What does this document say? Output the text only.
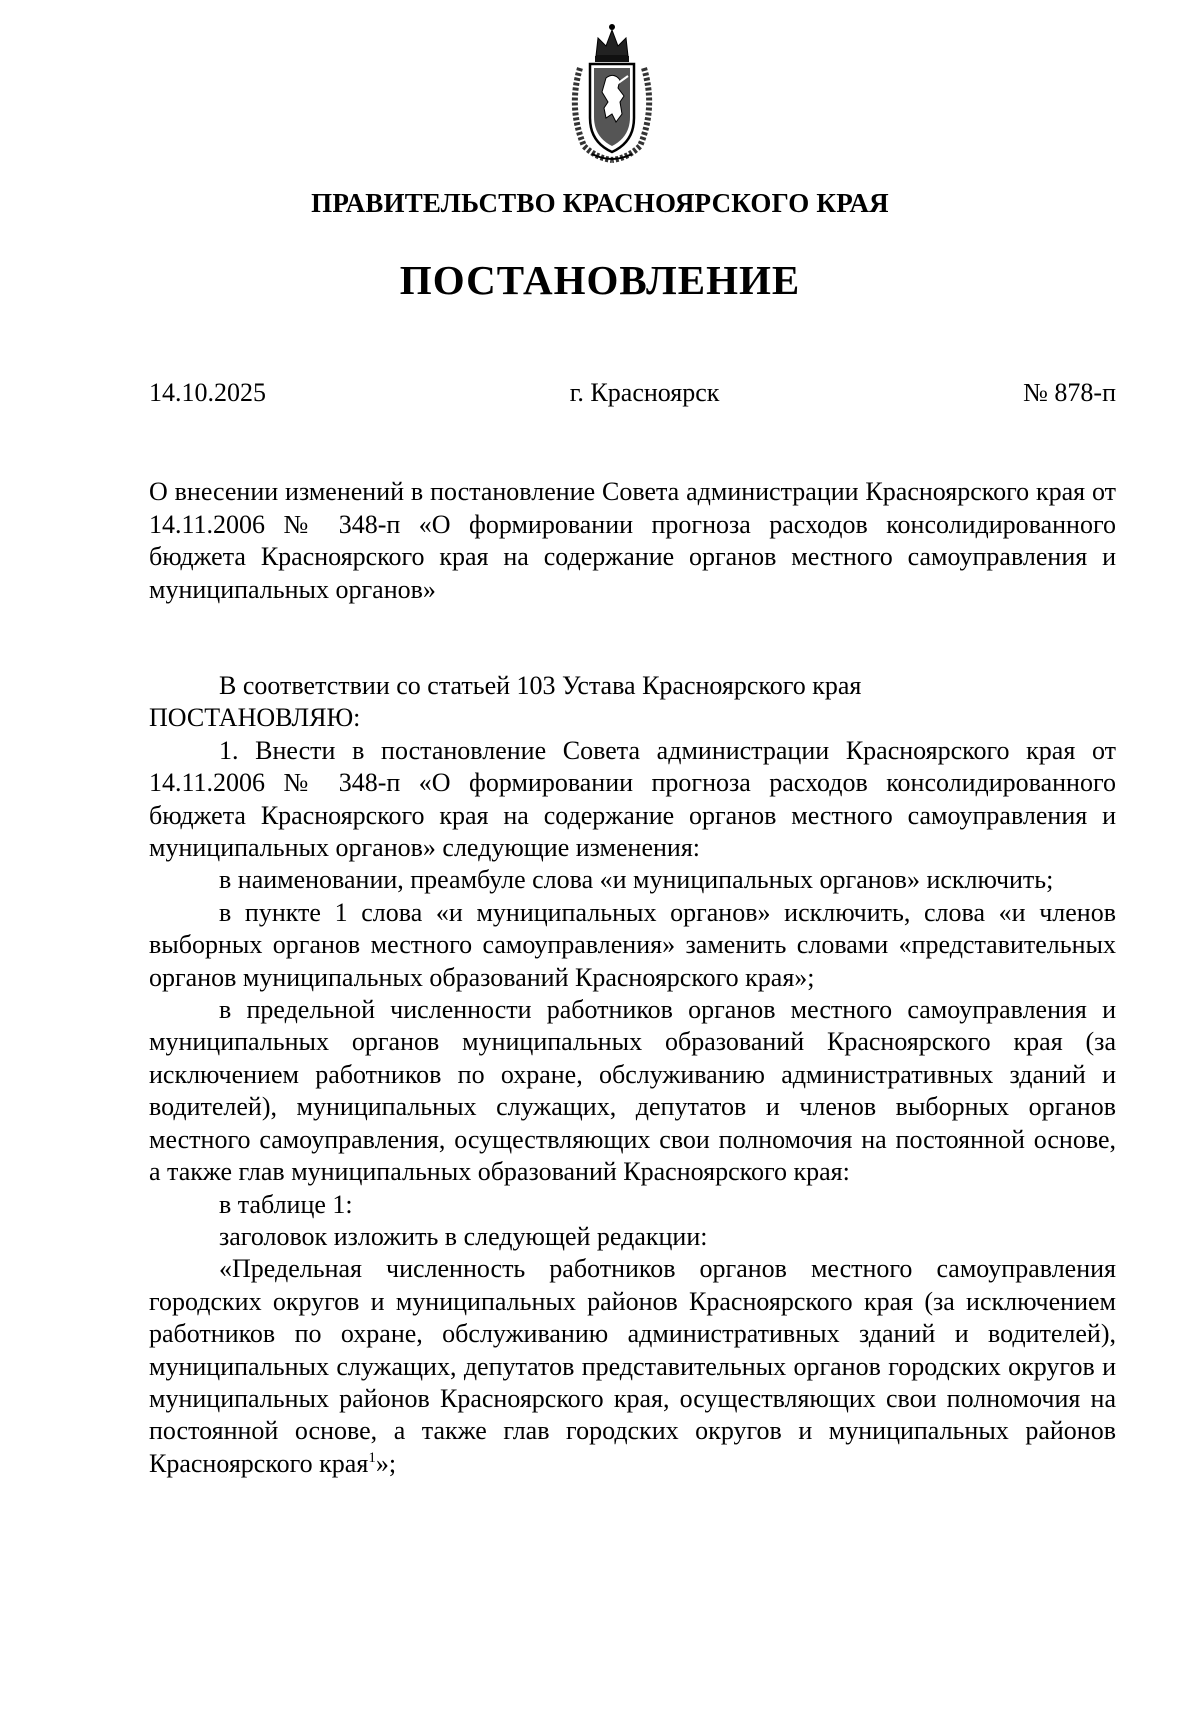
ПРАВИТЕЛЬСТВО КРАСНОЯРСКОГО КРАЯ
ПОСТАНОВЛЕНИЕ
14.10.2025	г. Красноярск	№ 878-п
О внесении изменений в постановление Совета администрации Красноярского края от 14.11.2006 № 348-п «О формировании прогноза расходов консолидированного бюджета Красноярского края на содержание органов местного самоуправления и муниципальных органов»

В соответствии со статьей 103 Устава Красноярского края

ПОСТАНОВЛЯЮ:

1. Внести в постановление Совета администрации Красноярского края от 14.11.2006 № 348-п «О формировании прогноза расходов консолидированного бюджета Красноярского края на содержание органов местного самоуправления и муниципальных органов» следующие изменения:

в наименовании, преамбуле слова «и муниципальных органов» исключить;

в пункте 1 слова «и муниципальных органов» исключить, слова «и членов выборных органов местного самоуправления» заменить словами «представительных органов муниципальных образований Красноярского края»;

в предельной численности работников органов местного самоуправления и муниципальных органов муниципальных образований Красноярского края (за исключением работников по охране, обслуживанию административных зданий и водителей), муниципальных служащих, депутатов и членов выборных органов местного самоуправления, осуществляющих свои полномочия на постоянной основе, а также глав муниципальных образований Красноярского края:

в таблице 1:

заголовок изложить в следующей редакции:

«Предельная численность работников органов местного самоуправления городских округов и муниципальных районов Красноярского края (за исключением работников по охране, обслуживанию административных зданий и водителей), муниципальных служащих, депутатов представительных органов городских округов и муниципальных районов Красноярского края, осуществляющих свои полномочия на постоянной основе, а также глав городских округов и муниципальных районов Красноярского края$^1$»;
